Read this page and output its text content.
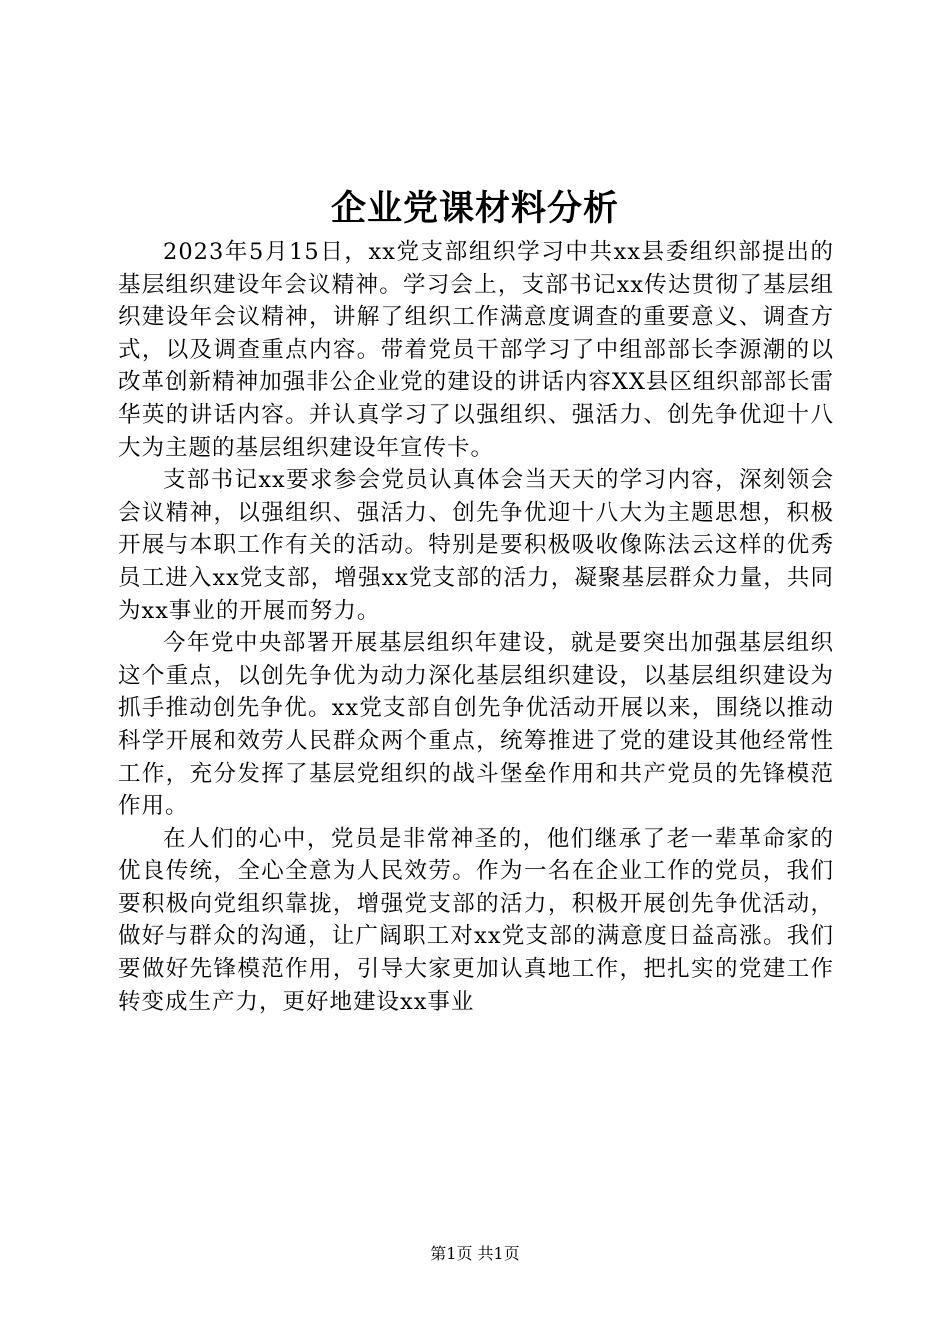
企业党课材料分析

2023年5月15日，xx党支部组织学习中共xx县委组织部提出的基层组织建设年会议精神。学习会上，支部书记xx传达贯彻了基层组织建设年会议精神，讲解了组织工作满意度调查的重要意义、调查方式，以及调查重点内容。带着党员干部学习了中组部部长李源潮的以改革创新精神加强非公企业党的建设的讲话内容XX县区组织部部长雷华英的讲话内容。并认真学习了以强组织、强活力、创先争优迎十八大为主题的基层组织建设年宣传卡。

支部书记xx要求参会党员认真体会当天天的学习内容，深刻领会会议精神，以强组织、强活力、创先争优迎十八大为主题思想，积极开展与本职工作有关的活动。特别是要积极吸收像陈法云这样的优秀员工进入xx党支部，增强xx党支部的活力，凝聚基层群众力量，共同为xx事业的开展而努力。

今年党中央部署开展基层组织年建设，就是要突出加强基层组织这个重点，以创先争优为动力深化基层组织建设，以基层组织建设为抓手推动创先争优。xx党支部自创先争优活动开展以来，围绕以推动科学开展和效劳人民群众两个重点，统筹推进了党的建设其他经常性工作，充分发挥了基层党组织的战斗堡垒作用和共产党员的先锋模范作用。

在人们的心中，党员是非常神圣的，他们继承了老一辈革命家的优良传统，全心全意为人民效劳。作为一名在企业工作的党员，我们要积极向党组织靠拢，增强党支部的活力，积极开展创先争优活动，做好与群众的沟通，让广阔职工对xx党支部的满意度日益高涨。我们要做好先锋模范作用，引导大家更加认真地工作，把扎实的党建工作转变成生产力，更好地建设xx事业

第1页 共1页
